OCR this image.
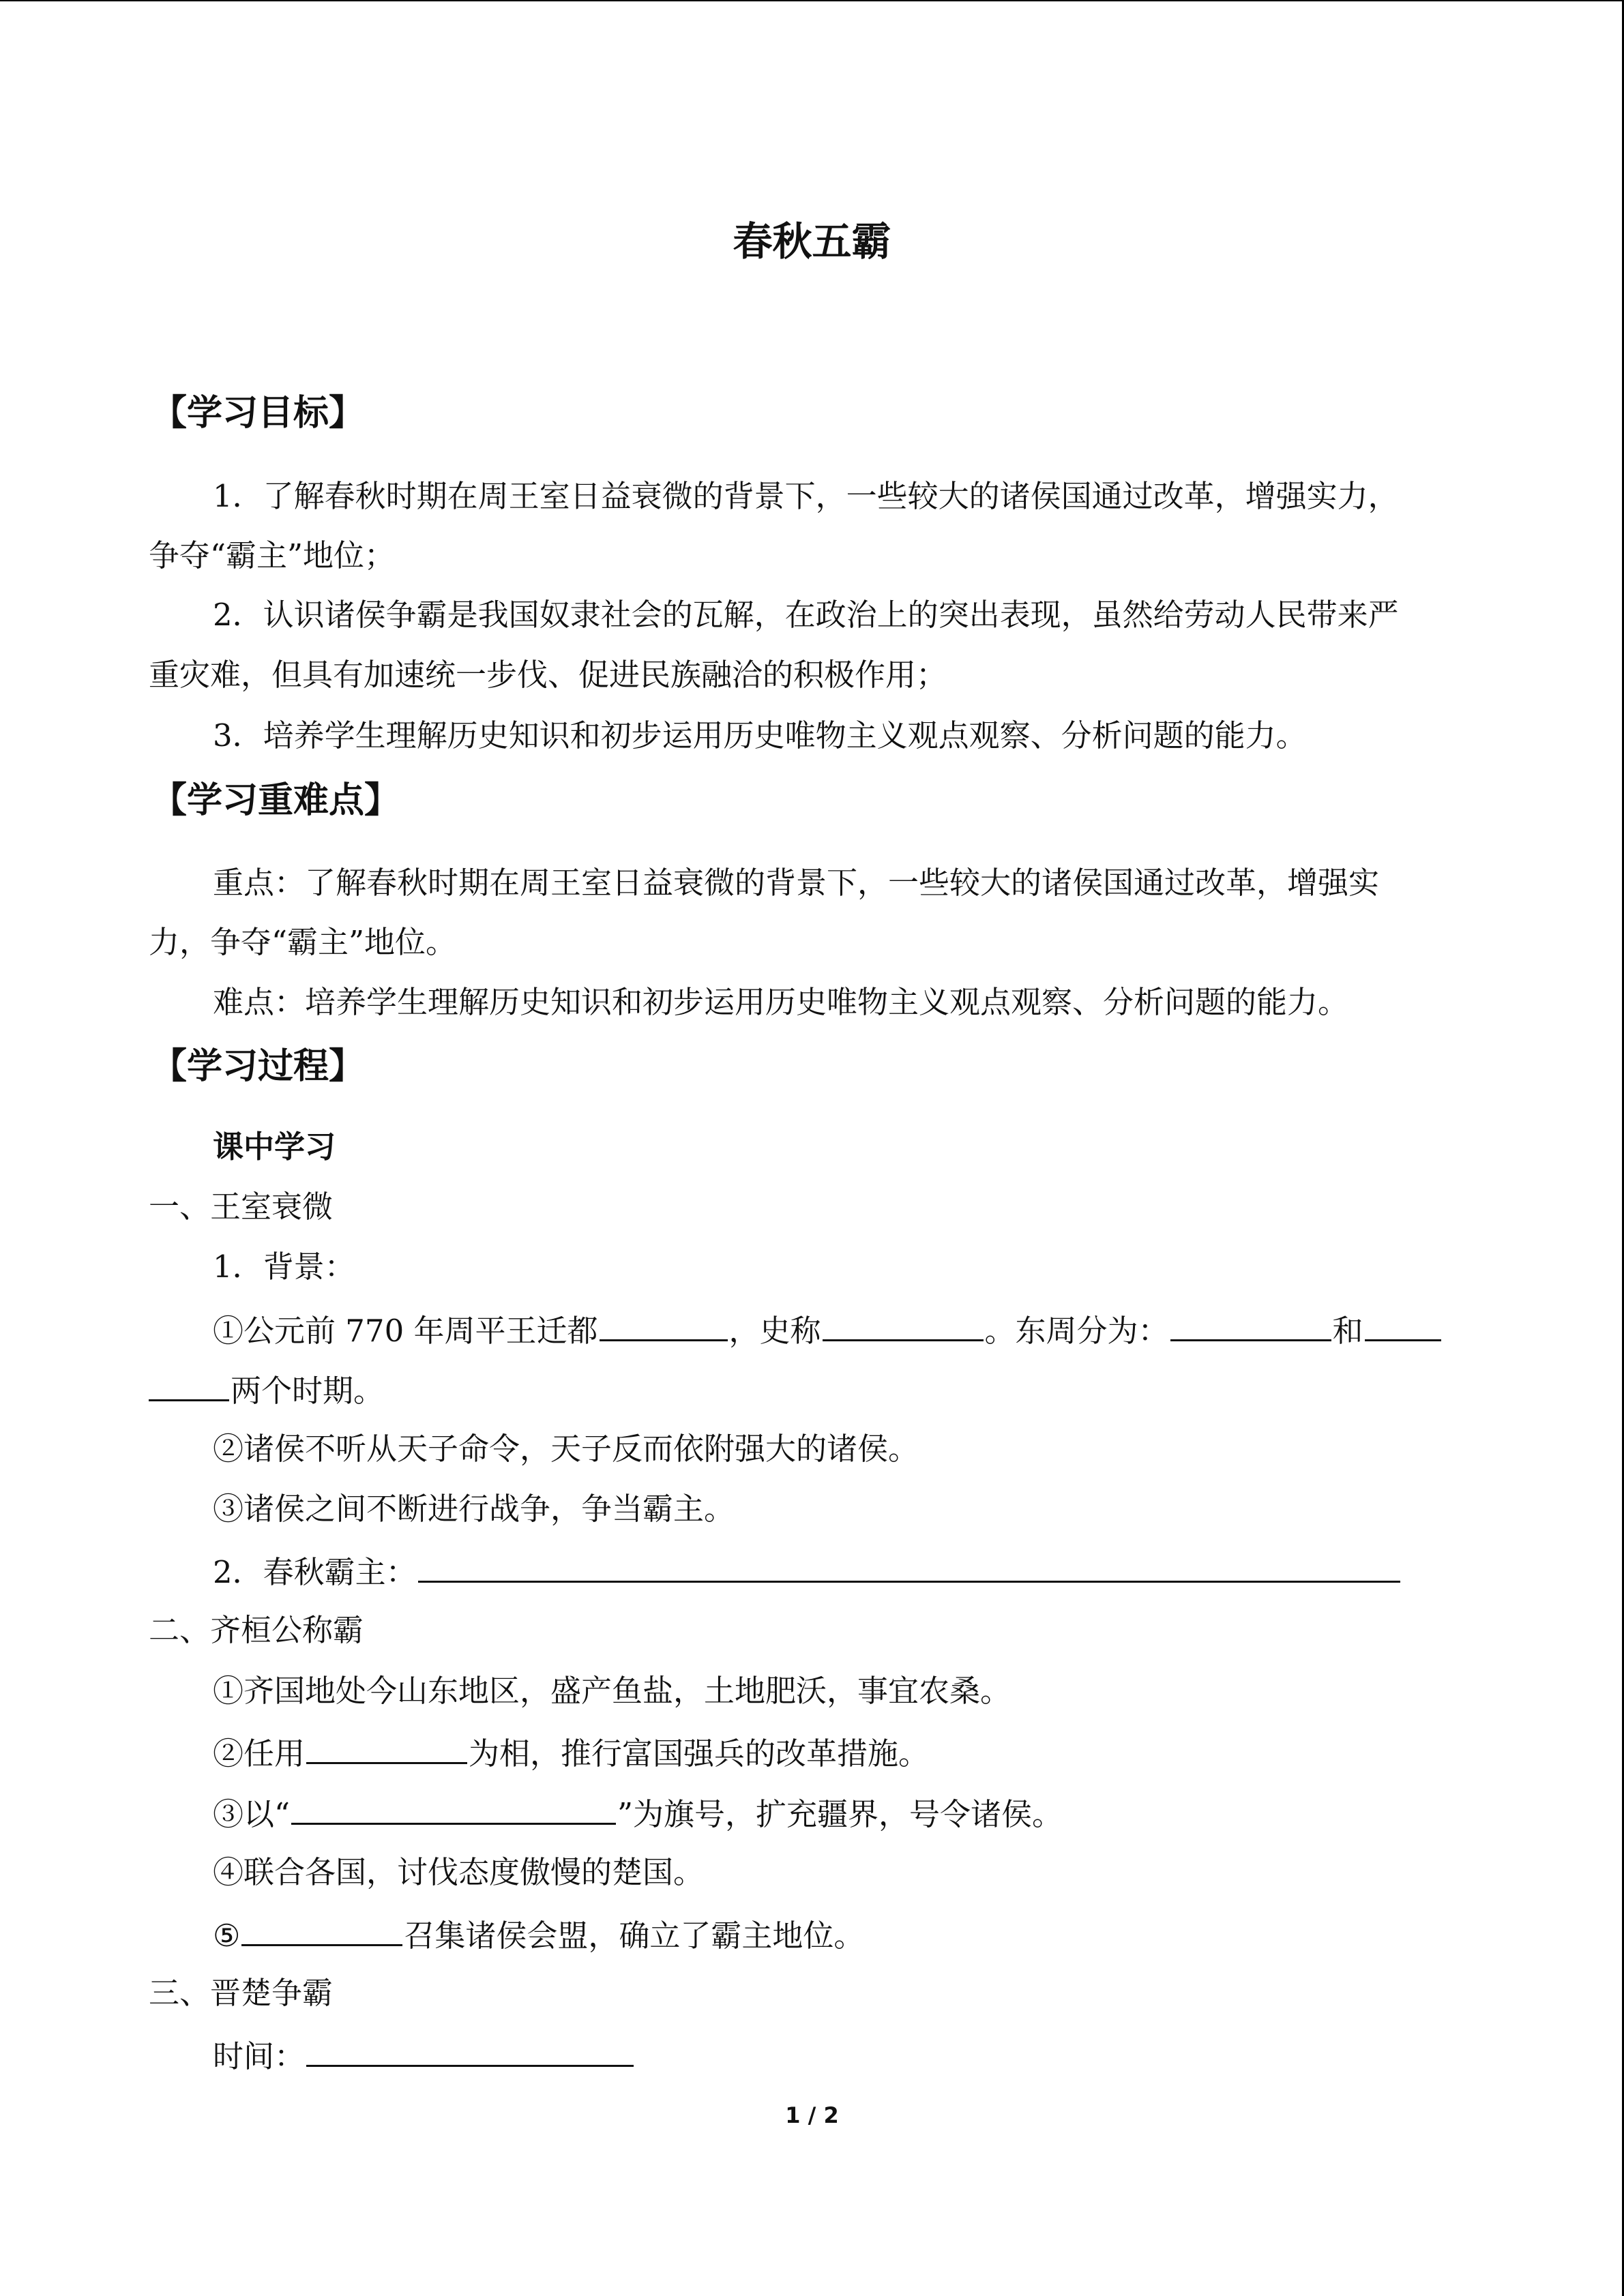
春秋五霸
【学习目标】
1．了解春秋时期在周王室日益衰微的背景下，一些较大的诸侯国通过改革，增强实力，
争夺“霸主”地位；
2．认识诸侯争霸是我国奴隶社会的瓦解，在政治上的突出表现，虽然给劳动人民带来严
重灾难，但具有加速统一步伐、促进民族融洽的积极作用；
3．培养学生理解历史知识和初步运用历史唯物主义观点观察、分析问题的能力。
【学习重难点】
重点：了解春秋时期在周王室日益衰微的背景下，一些较大的诸侯国通过改革，增强实
力，争夺“霸主”地位。
难点：培养学生理解历史知识和初步运用历史唯物主义观点观察、分析问题的能力。
【学习过程】
课中学习
一、王室衰微
1．背景：
①公元前 770 年周平王迁都	，史称	。东周分为：	和
两个时期。
②诸侯不听从天子命令，天子反而依附强大的诸侯。
③诸侯之间不断进行战争，争当霸主。
2．春秋霸主：
二、齐桓公称霸
①齐国地处今山东地区，盛产鱼盐，土地肥沃，事宜农桑。
②任用	为相，推行富国强兵的改革措施。
③以“	”为旗号，扩充疆界，号令诸侯。
④联合各国，讨伐态度傲慢的楚国。
⑤	召集诸侯会盟，确立了霸主地位。
三、晋楚争霸
时间：
1 / 2
